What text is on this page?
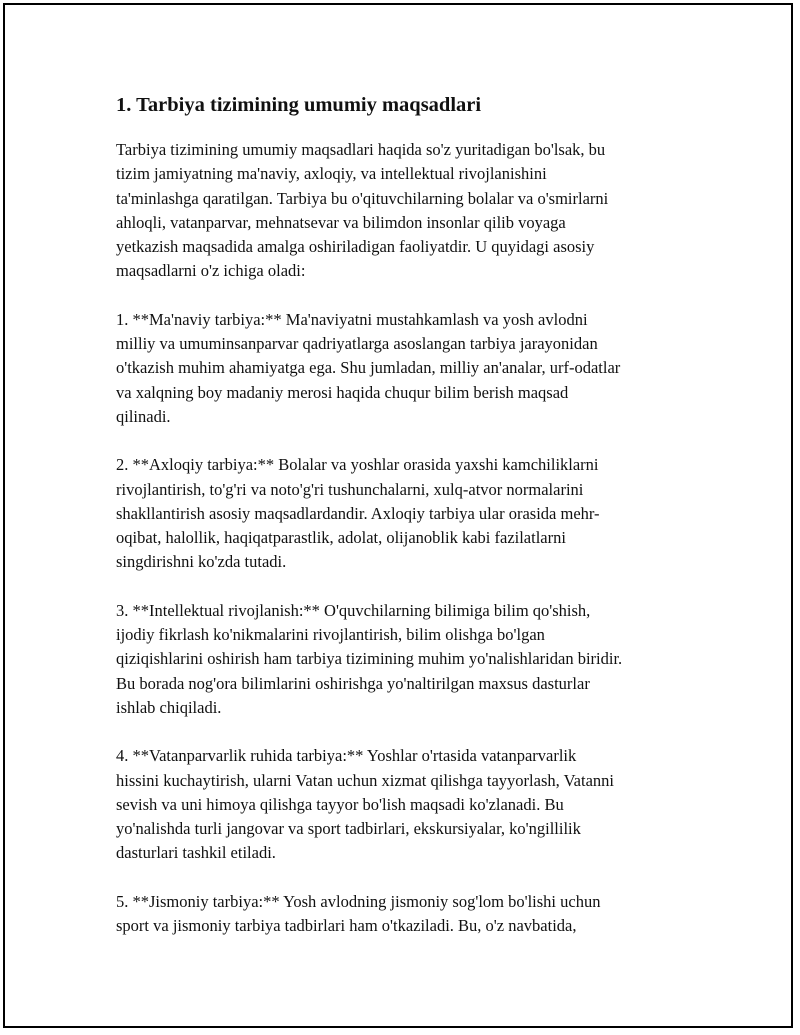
1. Tarbiya tizimining umumiy maqsadlari

Tarbiya tizimining umumiy maqsadlari haqida so'z yuritadigan bo'lsak, bu
tizim jamiyatning ma'naviy, axloqiy, va intellektual rivojlanishini
ta'minlashga qaratilgan. Tarbiya bu o'qituvchilarning bolalar va o'smirlarni
ahloqli, vatanparvar, mehnatsevar va bilimdon insonlar qilib voyaga
yetkazish maqsadida amalga oshiriladigan faoliyatdir. U quyidagi asosiy
maqsadlarni o'z ichiga oladi:

1. **Ma'naviy tarbiya:** Ma'naviyatni mustahkamlash va yosh avlodni
milliy va umuminsanparvar qadriyatlarga asoslangan tarbiya jarayonidan
o'tkazish muhim ahamiyatga ega. Shu jumladan, milliy an'analar, urf-odatlar
va xalqning boy madaniy merosi haqida chuqur bilim berish maqsad
qilinadi.

2. **Axloqiy tarbiya:** Bolalar va yoshlar orasida yaxshi kamchiliklarni
rivojlantirish, to'g'ri va noto'g'ri tushunchalarni, xulq-atvor normalarini
shakllantirish asosiy maqsadlardandir. Axloqiy tarbiya ular orasida mehr-
oqibat, halollik, haqiqatparastlik, adolat, olijanoblik kabi fazilatlarni
singdirishni ko'zda tutadi.

3. **Intellektual rivojlanish:** O'quvchilarning bilimiga bilim qo'shish,
ijodiy fikrlash ko'nikmalarini rivojlantirish, bilim olishga bo'lgan
qiziqishlarini oshirish ham tarbiya tizimining muhim yo'nalishlaridan biridir.
Bu borada nog'ora bilimlarini oshirishga yo'naltirilgan maxsus dasturlar
ishlab chiqiladi.

4. **Vatanparvarlik ruhida tarbiya:** Yoshlar o'rtasida vatanparvarlik
hissini kuchaytirish, ularni Vatan uchun xizmat qilishga tayyorlash, Vatanni
sevish va uni himoya qilishga tayyor bo'lish maqsadi ko'zlanadi. Bu
yo'nalishda turli jangovar va sport tadbirlari, ekskursiyalar, ko'ngillilik
dasturlari tashkil etiladi.

5. **Jismoniy tarbiya:** Yosh avlodning jismoniy sog'lom bo'lishi uchun
sport va jismoniy tarbiya tadbirlari ham o'tkaziladi. Bu, o'z navbatida,
